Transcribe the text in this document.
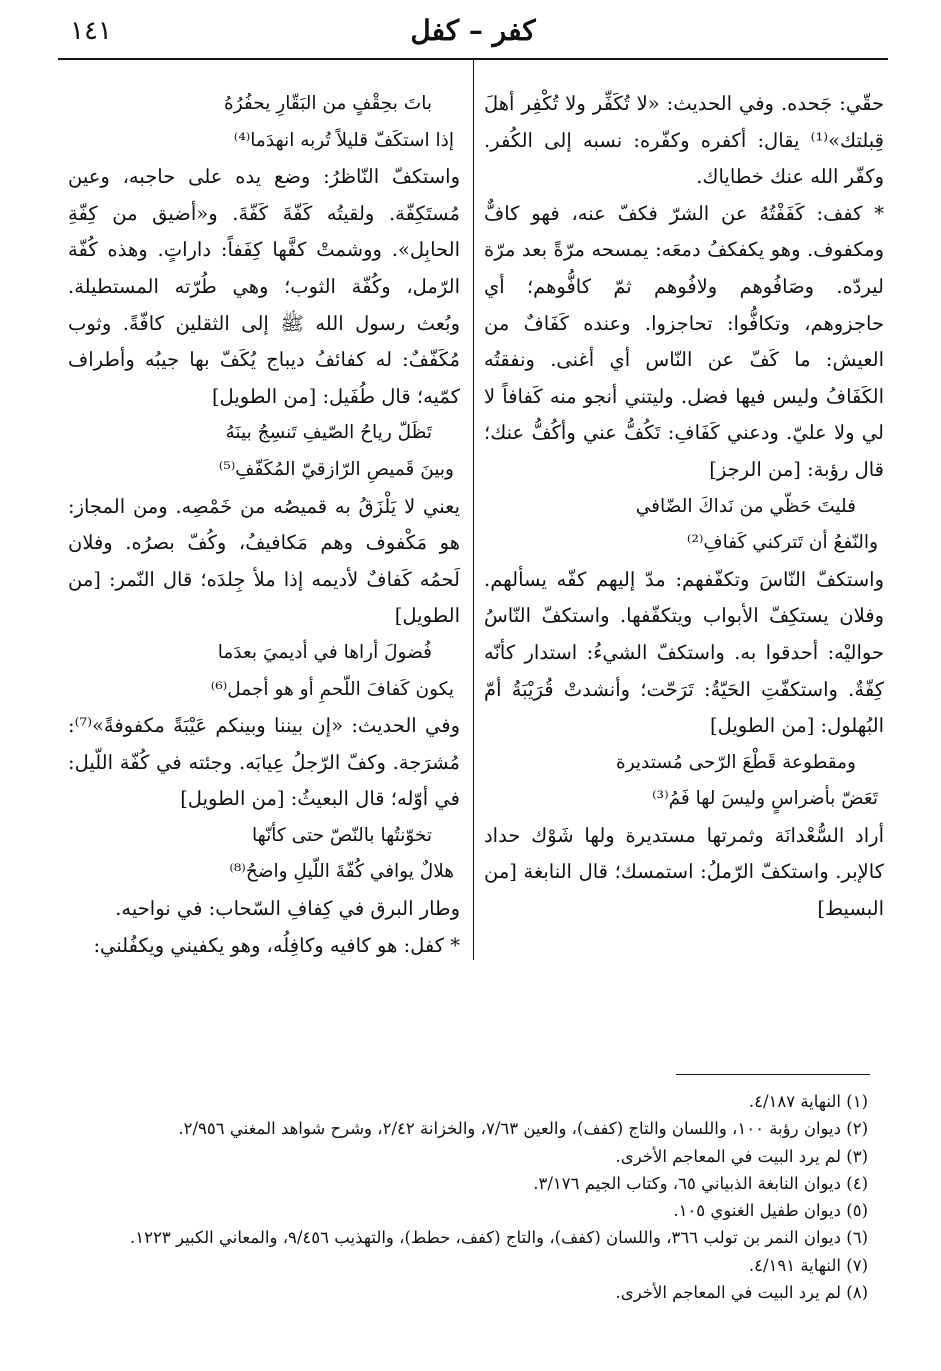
١٤١	كفر – كفل

حقّي: جَحده. وفي الحديث: «لا تُكَفِّر ولا تُكْفِر أهلَ قِبلتك»⁽¹⁾ يقال: أكفره وكفّره: نسبه إلى الكُفر. وكفّر الله عنك خطاياك.

* كفف: كَفَفْتُهُ عن الشرّ فكفّ عنه، فهو كافٌّ ومكفوف. وهو يكفكفُ دمعَه: يمسحه مرّةً بعد مرّة ليردّه. وصَافُوهم ولافُوهم ثمّ كافُّوهم؛ أي حاجزوهم، وتكافُّوا: تحاجزوا. وعنده كَفَافٌ من العيش: ما كَفّ عن النّاس أي أغنى. ونفقتُه الكَفَافُ وليس فيها فضل. وليتني أنجو منه كَفافاً لا لي ولا عليّ. ودعني كَفَافِ: تَكُفُّ عني وأكُفُّ عنك؛ قال رؤبة: [من الرجز]

فليتَ حَظّي من نَداكَ الضّافي

والنّفعُ أن تَتركني كَفافِ⁽²⁾

واستكفّ النّاسَ وتكفّفهم: مدّ إليهم كفّه يسألهم. وفلان يستكِفّ الأبواب ويتكفّفها. واستكفّ النّاسُ حواليْه: أحدقوا به. واستكفّ الشيءُ: استدار كأنّه كِفّةٌ. واستكفّتِ الحَيّةُ: تَرَحّت؛ وأنشدتْ قُرَيْبَةُ أمّ البُهلول: [من الطويل]

ومقطوعة قَطْعَ الرّحى مُستديرة

تَعَضّ بأضراسٍ وليسَ لها فَمُ⁽³⁾

أراد السُّعْدانَة وثمرتها مستديرة ولها شَوْك حداد كالإبر. واستكفّ الرّملُ: استمسك؛ قال النابغة [من البسيط]

باتَ بحِقْفٍ من البَقّارِ يحفُرُهُ

إذا استكَفّ قليلاً تُربه انهدَما⁽⁴⁾

واستكفّ النّاظرُ: وضع يده على حاجبه، وعين مُستَكِفّة. ولقيتُه كَفّةَ كَفّةَ. و«أضيق من كِفّةِ الحابِل». ووشمتْ كفَّها كِفَفاً: داراتٍ. وهذه كُفّة الرّمل، وكُفّة الثوب؛ وهي طُرّته المستطيلة. وبُعث رسول الله ﷺ إلى الثقلين كافّةً. وثوب مُكَفّفٌ: له كفائفُ ديباج يُكَفّ بها جيبُه وأطراف كمّيه؛ قال طُفَيل: [من الطويل]

تَظَلّ رياحُ الصّيفِ تَنسِجُ بينَهُ

وبينَ قَميصِ الرّازقيّ المُكَفّفِ⁽⁵⁾

يعني لا يَلْزَقُ به قميصُه من خَمْصِه. ومن المجاز: هو مَكْفوف وهم مَكافيفُ، وكُفّ بصرُه. وفلان لَحمُه كَفافٌ لأديمه إذا ملأ جِلدَه؛ قال النّمر: [من الطويل]

فُضولَ أراها في أديميَ بعدَما

يكون كَفافَ اللّحمِ أو هو أجمل⁽⁶⁾

وفي الحديث: «إن بيننا وبينكم عَيْبَةً مكفوفةً»⁽⁷⁾: مُشرَجة. وكفّ الرّجلُ عِيابَه. وجئته في كُفّة اللّيل: في أوّله؛ قال البعيثُ: [من الطويل]

تخوّنتُها بالنّصّ حتى كأنّها

هلالٌ يوافي كُفّةَ اللّيلِ واضحُ⁽⁸⁾

وطار البرق في كِفافِ السّحاب: في نواحيه.

* كفل: هو كافيه وكافِلُه، وهو يكفيني ويكفُلني:

(١) النهاية ٤/١٨٧.

(٢) ديوان رؤبة ١٠٠، واللسان والتاج (كفف)، والعين ٧/٦٣، والخزانة ٢/٤٢، وشرح شواهد المغني ٢/٩٥٦.

(٣) لم يرد البيت في المعاجم الأخرى.

(٤) ديوان النابغة الذبياني ٦٥، وكتاب الجيم ٣/١٧٦.

(٥) ديوان طفيل الغنوي ١٠٥.

(٦) ديوان النمر بن تولب ٣٦٦، واللسان (كفف)، والتاج (كفف، حطط)، والتهذيب ٩/٤٥٦، والمعاني الكبير ١٢٢٣.

(٧) النهاية ٤/١٩١.

(٨) لم يرد البيت في المعاجم الأخرى.
